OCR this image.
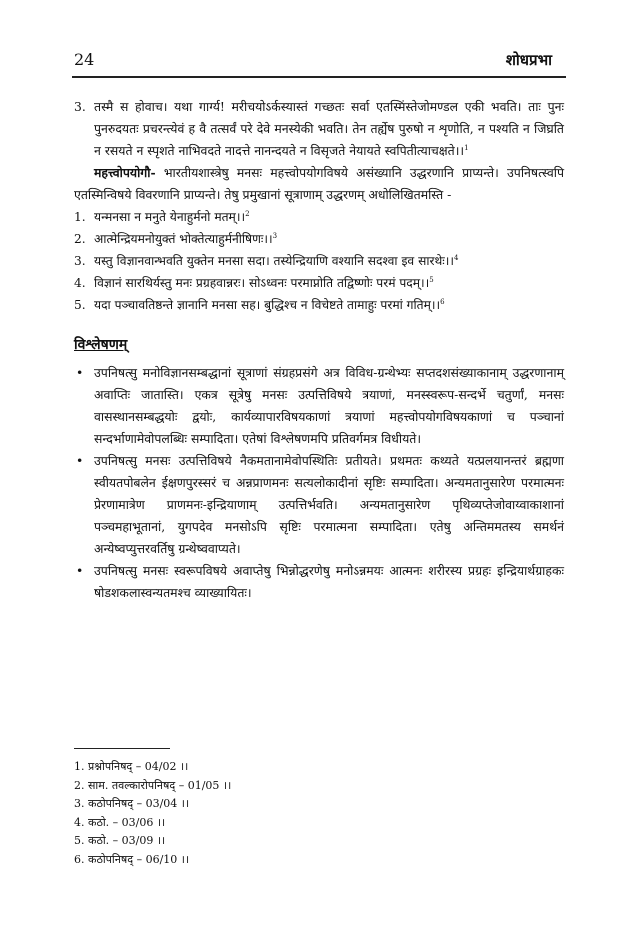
24	शोधप्रभा

3. तस्मै स होवाच। यथा गार्ग्य! मरीचयोऽर्कस्यास्तं गच्छतः सर्वा एतस्मिंस्तेजोमण्डल एकी भवति। ताः पुनः पुनरुदयतः प्रचरन्त्येवं ह वै तत्सर्वं परे देवे मनस्येकी भवति। तेन तर्ह्येष पुरुषो न शृणोति, न पश्यति न जिघ्रति न रसयते न स्पृशते नाभिवदते नादत्ते नानन्दयते न विसृजते नेयायते स्वपितीत्याचक्षते।।$^1$

महत्त्वोपयोगौ- भारतीयशास्त्रेषु मनसः महत्त्वोपयोगविषये असंख्यानि उद्धरणानि प्राप्यन्ते। उपनिषत्स्वपि एतस्मिन्विषये विवरणानि प्राप्यन्ते। तेषु प्रमुखानां सूत्राणाम् उद्धरणम् अधोलिखितमस्ति -

1. यन्मनसा न मनुते येनाहुर्मनो मतम्।।$^2$
2. आत्मेन्द्रियमनोयुक्तं भोक्तेत्याहुर्मनीषिणः।।$^3$
3. यस्तु विज्ञानवान्भवति युक्तेन मनसा सदा। तस्येन्द्रियाणि वश्यानि सदश्वा इव सारथेः।।$^4$
4. विज्ञानं सारथिर्यस्तु मनः प्रग्रहवान्नरः। सोऽध्वनः परमाप्नोति तद्विष्णोः परमं पदम्।।$^5$
5. यदा पञ्चावतिष्ठन्ते ज्ञानानि मनसा सह। बुद्धिश्च न विचेष्टते तामाहुः परमां गतिम्।।$^6$
विश्लेषणम्
• उपनिषत्सु मनोविज्ञानसम्बद्धानां सूत्राणां संग्रहप्रसंगे अत्र विविध-ग्रन्थेभ्यः सप्तदशसंख्याकानाम् उद्धरणानाम् अवाप्तिः जातास्ति। एकत्र सूत्रेषु मनसः उत्पत्तिविषये त्रयाणां, मनस्स्वरूप-सन्दर्भे चतुर्णां, मनसः वासस्थानसम्बद्धयोः द्वयोः, कार्यव्यापारविषयकाणां त्रयाणां महत्त्वोपयोगविषयकाणां च पञ्चानां सन्दर्भाणामेवोपलब्धिः सम्पादिता। एतेषां विश्लेषणमपि प्रतिवर्गमत्र विधीयते।

• उपनिषत्सु मनसः उत्पत्तिविषये नैकमतानामेवोपस्थितिः प्रतीयते। प्रथमतः कथ्यते यत्प्रलयानन्तरं ब्रह्मणा स्वीयतपोबलेन ईक्षणपुरस्सरं च अन्नप्राणमनः सत्यलोकादीनां सृष्टिः सम्पादिता। अन्यमतानुसारेण परमात्मनः प्रेरणामात्रेण प्राणमनः-इन्द्रियाणाम् उत्पत्तिर्भवति। अन्यमतानुसारेण पृथिव्यप्तेजोवाय्वाकाशानां पञ्चमहाभूतानां, युगपदेव मनसोऽपि सृष्टिः परमात्मना सम्पादिता। एतेषु अन्तिममतस्य समर्थनं अन्येष्वप्युत्तरवर्तिषु ग्रन्थेष्ववाप्यते।

• उपनिषत्सु मनसः स्वरूपविषये अवाप्तेषु भिन्नोद्धरणेषु मनोऽन्नमयः आत्मनः शरीरस्य प्रग्रहः इन्द्रियार्थग्राहकः षोडशकलास्वन्यतमश्च व्याख्यायितः।

1. प्रश्नोपनिषद् – 04/02 ।।
2. साम. तवल्कारोपनिषद् – 01/05 ।।
3. कठोपनिषद् – 03/04 ।।
4. कठो. – 03/06 ।।
5. कठो. – 03/09 ।।
6. कठोपनिषद् – 06/10 ।।
